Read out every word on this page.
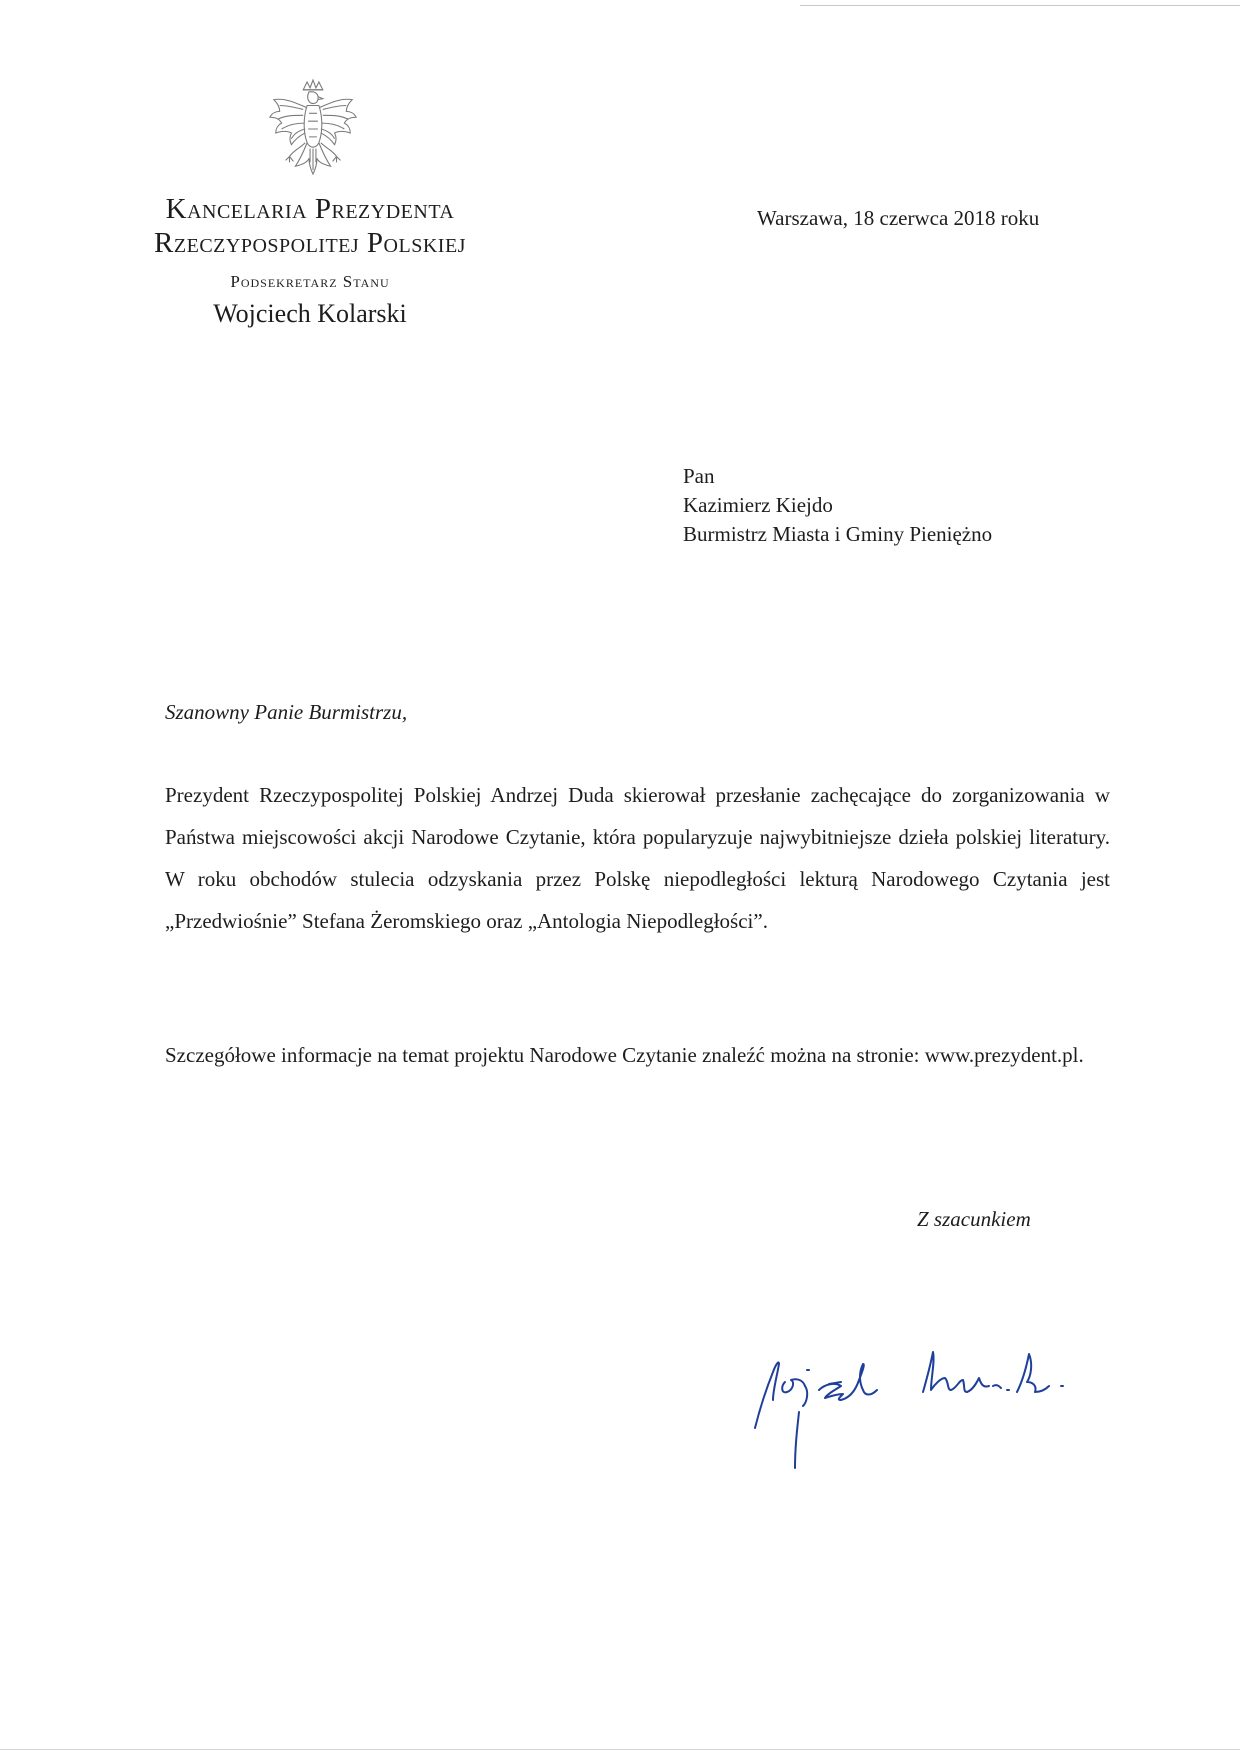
Kancelaria Prezydenta
Rzeczypospolitej Polskiej
Podsekretarz Stanu
Wojciech Kolarski
Warszawa, 18 czerwca 2018 roku
Pan
Kazimierz Kiejdo
Burmistrz Miasta i Gminy Pieniężno
Szanowny Panie Burmistrzu,

Prezydent Rzeczypospolitej Polskiej Andrzej Duda skierował przesłanie zachęcające do zorganizowania w Państwa miejscowości akcji Narodowe Czytanie, która popularyzuje najwybitniejsze dzieła polskiej literatury. W roku obchodów stulecia odzyskania przez Polskę niepodległości lekturą Narodowego Czytania jest „Przedwiośnie” Stefana Żeromskiego oraz „Antologia Niepodległości”.

Szczegółowe informacje na temat projektu Narodowe Czytanie znaleźć można na stronie: www.prezydent.pl.

Z szacunkiem
